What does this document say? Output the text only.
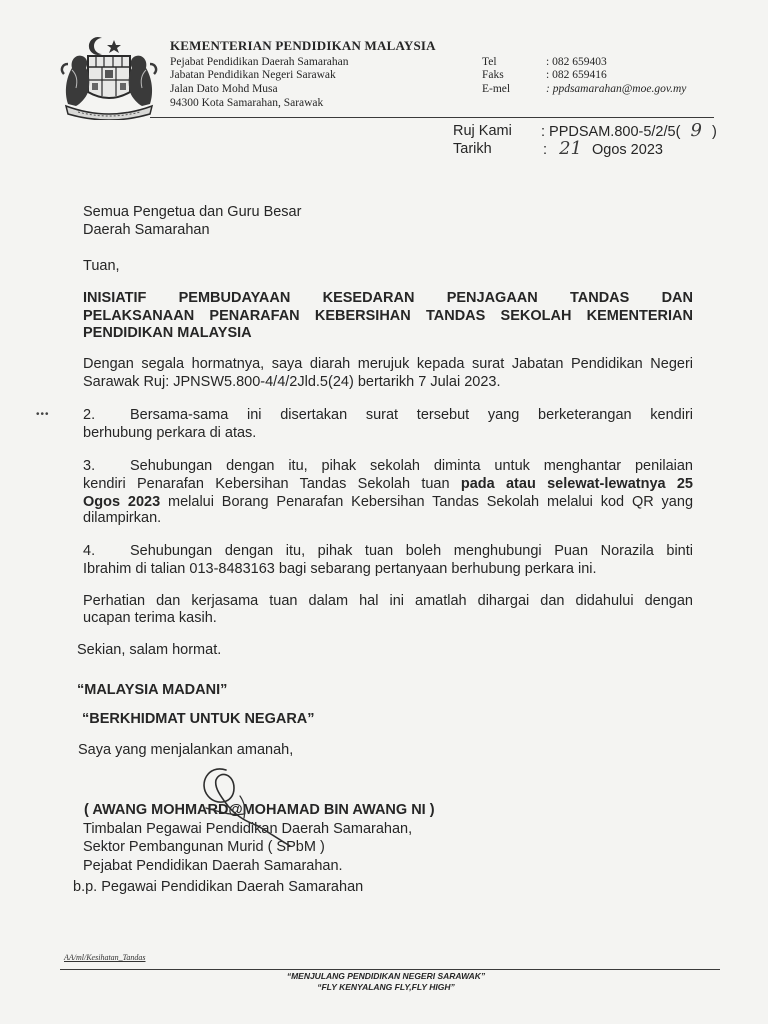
KEMENTERIAN PENDIDIKAN MALAYSIA
Pejabat Pendidikan Daerah Samarahan
Jabatan Pendidikan Negeri Sarawak
Jalan Dato Mohd Musa
94300 Kota Samarahan, Sarawak
Tel	: 082 659403
Faks	: 082 659416
E-mel	: ppdsamarahan@moe.gov.my
Ruj Kami : PPDSAM.800-5/2/5( 9 )
Tarikh	: 21 Ogos 2023
Semua Pengetua dan Guru Besar
Daerah Samarahan
Tuan,
INISIATIF PEMBUDAYAAN KESEDARAN PENJAGAAN TANDAS DAN
PELAKSANAAN PENARAFAN KEBERSIHAN TANDAS SEKOLAH KEMENTERIAN
PENDIDIKAN MALAYSIA
Dengan segala hormatnya, saya diarah merujuk kepada surat Jabatan Pendidikan Negeri
Sarawak Ruj: JPNSW5.800-4/4/2Jld.5(24) bertarikh 7 Julai 2023.
••• 2.	Bersama-sama ini disertakan surat tersebut yang berketerangan kendiri
berhubung perkara di atas.
3.	Sehubungan dengan itu, pihak sekolah diminta untuk menghantar penilaian
kendiri Penarafan Kebersihan Tandas Sekolah tuan pada atau selewat-lewatnya 25
Ogos 2023 melalui Borang Penarafan Kebersihan Tandas Sekolah melalui kod QR yang
dilampirkan.
4.	Sehubungan dengan itu, pihak tuan boleh menghubungi Puan Norazila binti
Ibrahim di talian 013-8483163 bagi sebarang pertanyaan berhubung perkara ini.
Perhatian dan kerjasama tuan dalam hal ini amatlah dihargai dan didahului dengan
ucapan terima kasih.
Sekian, salam hormat.
“MALAYSIA MADANI”
“BERKHIDMAT UNTUK NEGARA”
Saya yang menjalankan amanah,
( AWANG MOHMARD@MOHAMAD BIN AWANG NI )
Timbalan Pegawai Pendidikan Daerah Samarahan,
Sektor Pembangunan Murid ( SPbM )
Pejabat Pendidikan Daerah Samarahan.
b.p. Pegawai Pendidikan Daerah Samarahan
AA/ml/Kesihatan_Tandas
“MENJULANG PENDIDIKAN NEGERI SARAWAK”
“FLY KENYALANG FLY,FLY HIGH”
